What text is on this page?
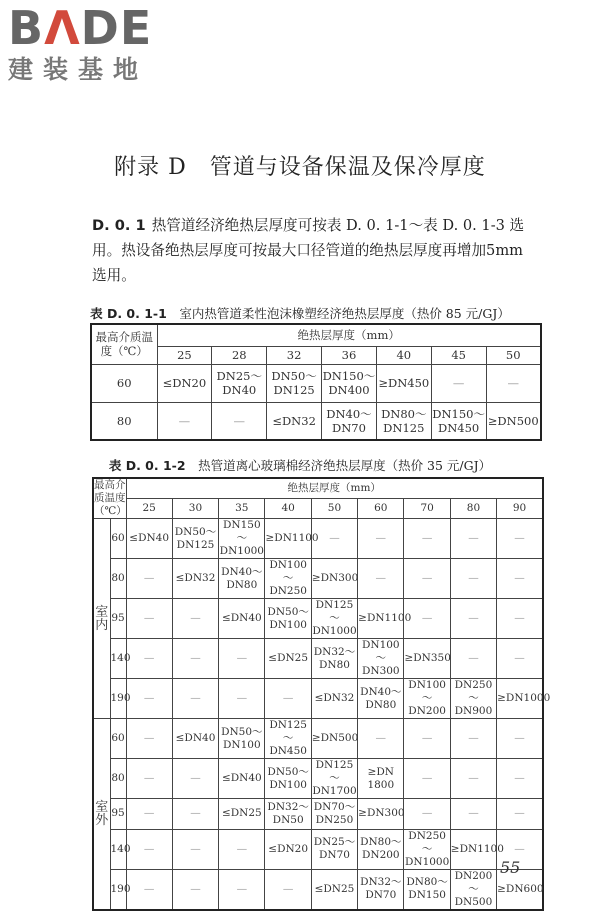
BΛDE
建装基地
附录 D　管道与设备保温及保冷厚度
D. 0. 1 热管道经济绝热层厚度可按表 D. 0. 1-1～表 D. 0. 1-3 选用。热设备绝热层厚度可按最大口径管道的绝热层厚度再增加5mm 选用。
表 D. 0. 1-1　 室内热管道柔性泡沫橡塑经济绝热层厚度（热价 85 元/GJ）
最高介质温度（℃）	绝热层厚度（mm）						
	25	28	32	36	40	45	50
60	≤DN20	DN25～DN40	DN50～DN125	DN150～DN400	≥DN450	—	—
80	—	—	≤DN32	DN40～DN70	DN80～DN125	DN150～DN450	≥DN500
表 D. 0. 1-2　 热管道离心玻璃棉经济绝热层厚度（热价 35 元/GJ）
最高介质温度（℃）		绝热层厚度（mm）								
		25	30	35	40	50	60	70	80	90
室内	60	≤DN40	DN50～DN125	DN150～DN1000	≥DN1100	—	—	—	—	—
	80	—	≤DN32	DN40～DN80	DN100～DN250	≥DN300	—	—	—	—
	95	—	—	≤DN40	DN50～DN100	DN125～DN1000	≥DN1100	—	—	—
	140	—	—	—	≤DN25	DN32～DN80	DN100～DN300	≥DN350	—	—
	190	—	—	—	—	≤DN32	DN40～DN80	DN100～DN200	DN250～DN900	≥DN1000
室外	60	—	≤DN40	DN50～DN100	DN125～DN450	≥DN500	—	—	—	—
	80	—	—	≤DN40	DN50～DN100	DN125～DN1700	≥DN 1800	—	—	—
	95	—	—	≤DN25	DN32～DN50	DN70～DN250	≥DN300	—	—	—
	140	—	—	—	≤DN20	DN25～DN70	DN80～DN200	DN250～DN1000	≥DN1100	—
	190	—	—	—	—	≤DN25	DN32～DN70	DN80～DN150	DN200～DN500	≥DN600
55
